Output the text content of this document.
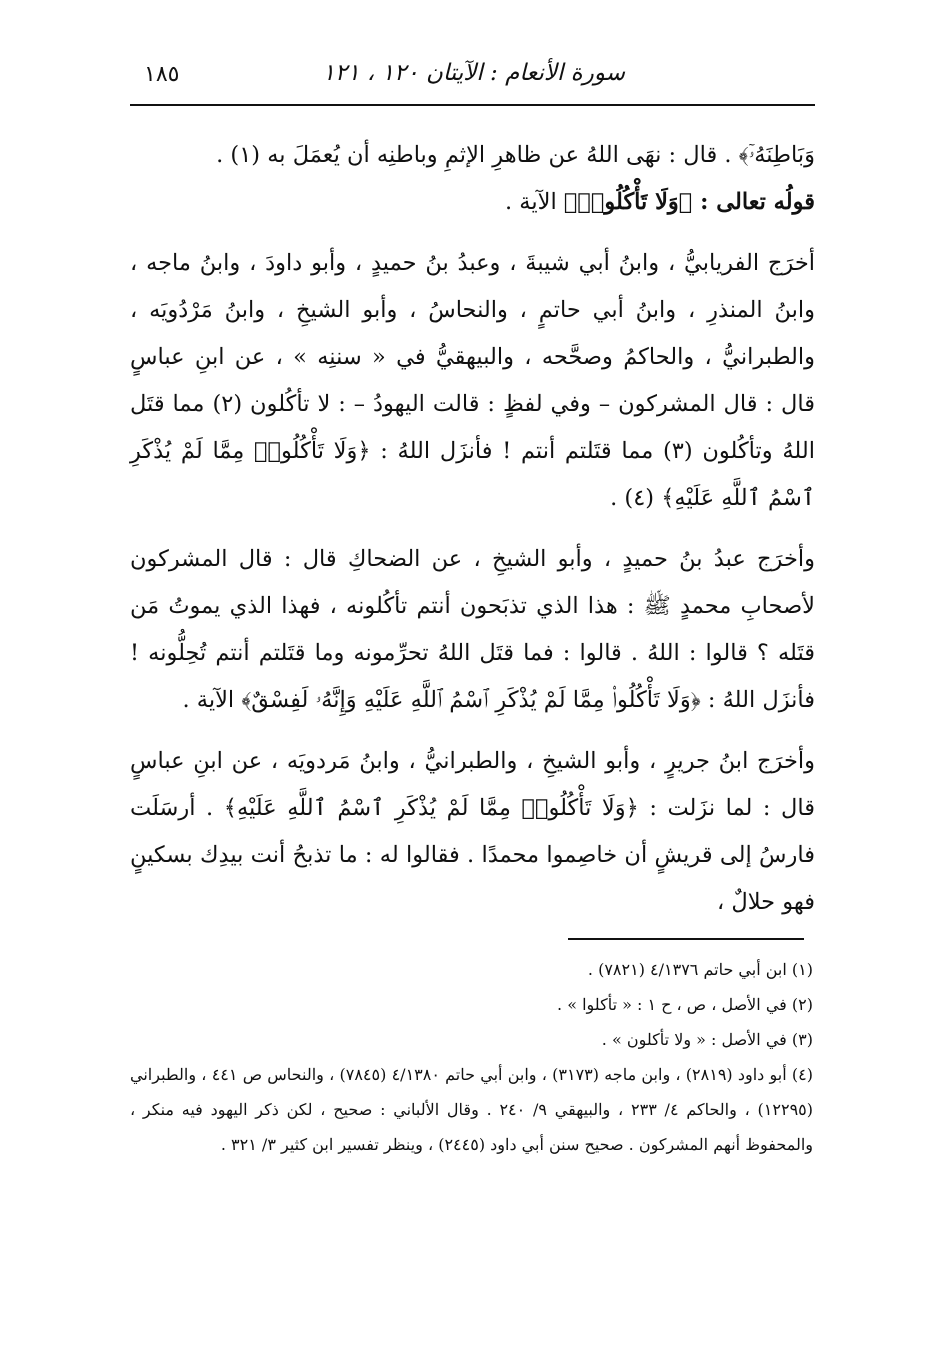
١٨٥	سورة الأنعام : الآيتان ١٢٠ ، ١٢١

وَبَاطِنَهُۥٓ﴾ . قال : نهَى اللهُ عن ظاهرِ الإثمِ وباطنِه أن يُعمَلَ به (١) .

قولُه تعالى : ﴿وَلَا تَأْكُلُوا۟﴾ الآية .

أخرَج الفريابيُّ ، وابنُ أبي شيبةَ ، وعبدُ بنُ حميدٍ ، وأبو داودَ ، وابنُ ماجه ، وابنُ المنذرِ ، وابنُ أبي حاتمٍ ، والنحاسُ ، وأبو الشيخِ ، وابنُ مَرْدُويَه ، والطبرانيُّ ، والحاكمُ وصحَّحه ، والبيهقيُّ في « سننِه » ، عن ابنِ عباسٍ قال : قال المشركون – وفي لفظٍ : قالت اليهودُ – : لا تأكُلون (٢) مما قتَل اللهُ وتأكُلون (٣) مما قتَلتم أنتم ! فأنزَل اللهُ : ﴿وَلَا تَأْكُلُوا۟ مِمَّا لَمْ يُذْكَرِ ٱسْمُ ٱللَّهِ عَلَيْهِ﴾ (٤) .

وأخرَج عبدُ بنُ حميدٍ ، وأبو الشيخِ ، عن الضحاكِ قال : قال المشركون لأصحابِ محمدٍ ﷺ : هذا الذي تذبَحون أنتم تأكُلونه ، فهذا الذي يموتُ مَن قتَله ؟ قالوا : اللهُ . قالوا : فما قتَل اللهُ تحرِّمونه وما قتَلتم أنتم تُحِلُّونه ! فأنزَل اللهُ : ﴿وَلَا تَأْكُلُوا۟ مِمَّا لَمْ يُذْكَرِ ٱسْمُ ٱللَّهِ عَلَيْهِ وَإِنَّهُۥ لَفِسْقٌ﴾ الآية .

وأخرَج ابنُ جريرٍ ، وأبو الشيخِ ، والطبرانيُّ ، وابنُ مَردويَه ، عن ابنِ عباسٍ قال : لما نزَلت : ﴿وَلَا تَأْكُلُوا۟ مِمَّا لَمْ يُذْكَرِ ٱسْمُ ٱللَّهِ عَلَيْهِ﴾ . أرسَلَت فارسُ إلى قريشٍ أن خاصِموا محمدًا . فقالوا له : ما تذبحُ أنت بيدِك بسكينٍ فهو حلالٌ ،

(١) ابن أبي حاتم ٤/١٣٧٦ (٧٨٢١) .

(٢) في الأصل ، ص ، ح ١ : « تأكلوا » .

(٣) في الأصل : « ولا تأكلون » .

(٤) أبو داود (٢٨١٩) ، وابن ماجه (٣١٧٣) ، وابن أبي حاتم ٤/١٣٨٠ (٧٨٤٥) ، والنحاس ص ٤٤١ ، والطبراني (١٢٢٩٥) ، والحاكم ٤/ ٢٣٣ ، والبيهقي ٩/ ٢٤٠ . وقال الألباني : صحيح ، لكن ذكر اليهود فيه منكر ، والمحفوظ أنهم المشركون . صحيح سنن أبي داود (٢٤٤٥) ، وينظر تفسير ابن كثير ٣/ ٣٢١ .
